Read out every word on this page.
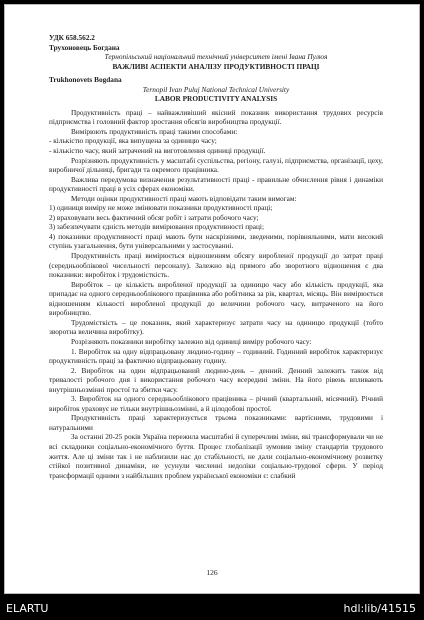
УДК 658.562.2

Трухоновець Богдана

Тернопільський національний технічний університет імені Івана Пулюя

ВАЖЛИВІ АСПЕКТИ АНАЛІЗУ ПРОДУКТИВНОСТІ ПРАЦІ

Trukhonovets Bogdana

Ternopil Ivan Puluj National Technical University

LABOR PRODUCTIVITY ANALYSIS

Продуктивність праці – найважливіший якісний показник використання трудових ресурсів підприємства і головний фактор зростання обсягів виробництва продукції.

Вимірюють продуктивність праці такими способами:

- кількістю продукції, яка випущена за одиницю часу;

- кількістю часу, який затрачений на виготовлення одиниці продукції.

Розрізняють продуктивність у масштабі суспільства, регіону, галузі, підприємства, організації, цеху, виробничої дільниці, бригади та окремого працівника.

Важлива передумова визначення результативності праці - правильне обчислення рівня і динаміки продуктивності праці в усіх сферах економіки.

Методи оцінки продуктивності праці мають відповідати таким вимогам:

1) одиниця виміру не може змінювати показники продуктивності праці;

2) враховувати весь фактичний обсяг робіт і затрати робочого часу;

3) забезпечувати єдність методів вимірювання продуктивності праці;

4) показники продуктивності праці мають бути наскрізними, зведеними, порівняльними, мати високий ступінь узагальнення, бути універсальними у застосуванні.

Продуктивність праці вимірюється відношенням обсягу виробленої продукції до затрат праці (середньооблікової чисельності персоналу). Залежно від прямого або зворотного відношення є два показники: виробіток і трудомісткість.

Виробіток – це кількість виробленої продукції за одиницю часу або кількість продукції, яка припадає на одного середньооблікового працівника або робітника за рік, квартал, місяць. Він вимірюється відношенням кількості виробленої продукції до величини робочого часу, витраченого на його виробництво.

Трудомісткість – це показник, який характеризує затрати часу на одиницю продукції (тобто зворотна величина виробітку).

Розрізняють показники виробітку залежно від одиниці виміру робочого часу:

1. Виробіток на одну відпрацьовану людино-годину – годинний. Годинний виробіток характеризує продуктивність праці за фактично відпрацьовану годину.

2. Виробіток на один відпрацьований людино-день – денний. Денний залежить також від тривалості робочого дня і використання робочого часу всередині зміни. На його рівень впливають внутрішньозмінні простої та збитки часу.

3. Виробіток на одного середньооблікового працівника – річний (квартальний, місячний). Річний виробіток ураховує не тільки внутрішньозмінні, а й цілодобові простої.

Продуктивність праці характеризується трьома показниками: вартісними, трудовими і натуральними

За останні 20-25 років Україна пережила масштабні й суперечливі зміни, які трансформували чи не всі складники соціально-економічного буття. Процес глобалізації зумовив зміну стандартів трудового життя. Але ці зміни так і не наблизили нас до стабільності, не дали соціально-економічному розвитку стійкої позитивної динаміки, не усунули численні недоліки соціально-трудової сфери. У період трансформації одними з найбільших проблем української економіки є: слабкий

126
ELARTU	hdl:lib/41515
